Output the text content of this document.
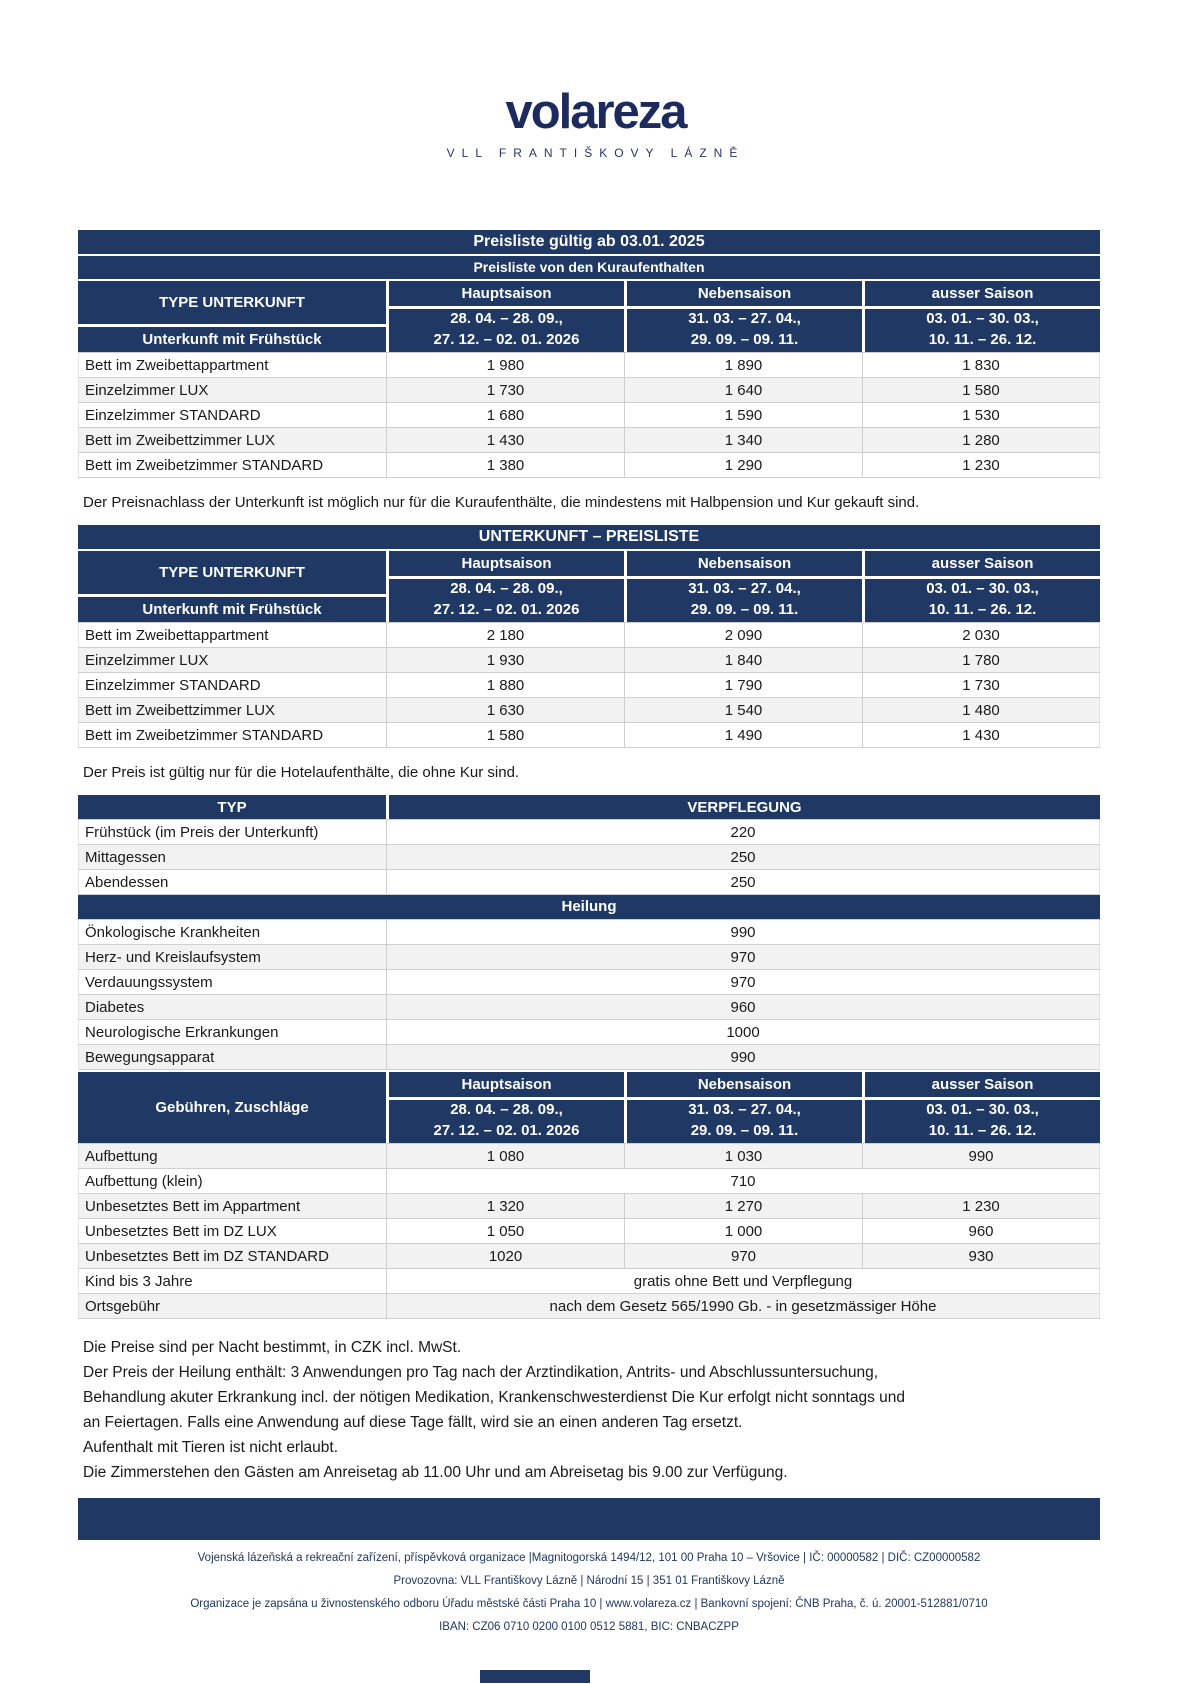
volareza
VLL FRANTIŠKOVY LÁZNĚ
Preisliste gültig ab 03.01. 2025
Preisliste von den Kuraufenthalten
TYPE UNTERKUNFT
Unterkunft mit Frühstück
Hauptsaison	Nebensaison	ausser Saison
28. 04. – 28. 09.,
27. 12. – 02. 01. 2026
31. 03. – 27. 04.,
29. 09. – 09. 11.
03. 01. – 30. 03.,
10. 11. – 26. 12.
Bett im Zweibettappartment	1 980	1 890	1 830
Einzelzimmer LUX	1 730	1 640	1 580
Einzelzimmer STANDARD	1 680	1 590	1 530
Bett im Zweibettzimmer LUX	1 430	1 340	1 280
Bett im Zweibetzimmer STANDARD	1 380	1 290	1 230

Der Preisnachlass der Unterkunft ist möglich nur für die Kuraufenthälte, die mindestens mit Halbpension und Kur gekauft sind.

UNTERKUNFT – PREISLISTE
TYPE UNTERKUNFT
Unterkunft mit Frühstück
Hauptsaison	Nebensaison	ausser Saison
28. 04. – 28. 09.,
27. 12. – 02. 01. 2026
31. 03. – 27. 04.,
29. 09. – 09. 11.
03. 01. – 30. 03.,
10. 11. – 26. 12.
Bett im Zweibettappartment	2 180	2 090	2 030
Einzelzimmer LUX	1 930	1 840	1 780
Einzelzimmer STANDARD	1 880	1 790	1 730
Bett im Zweibettzimmer LUX	1 630	1 540	1 480
Bett im Zweibetzimmer STANDARD	1 580	1 490	1 430

Der Preis ist gültig nur für die Hotelaufenthälte, die ohne Kur sind.

TYP	VERPFLEGUNG
Frühstück (im Preis der Unterkunft)	220
Mittagessen	250
Abendessen	250
Heilung
Önkologische Krankheiten	990
Herz- und Kreislaufsystem	970
Verdauungssystem	970
Diabetes	960
Neurologische Erkrankungen	1000
Bewegungsapparat	990
Gebühren, Zuschläge
Hauptsaison	Nebensaison	ausser Saison
28. 04. – 28. 09.,
27. 12. – 02. 01. 2026
31. 03. – 27. 04.,
29. 09. – 09. 11.
03. 01. – 30. 03.,
10. 11. – 26. 12.
Aufbettung	1 080	1 030	990
Aufbettung (klein)	710
Unbesetztes Bett im Appartment	1 320	1 270	1 230
Unbesetztes Bett im DZ LUX	1 050	1 000	960
Unbesetztes Bett im DZ STANDARD	1020	970	930
Kind bis 3 Jahre	gratis ohne Bett und Verpflegung
Ortsgebühr	nach dem Gesetz 565/1990 Gb. - in gesetzmässiger Höhe
Die Preise sind per Nacht bestimmt, in CZK incl. MwSt.
Der Preis der Heilung enthält: 3 Anwendungen pro Tag nach der Arztindikation, Antrits- und Abschlussuntersuchung,
Behandlung akuter Erkrankung incl. der nötigen Medikation, Krankenschwesterdienst Die Kur erfolgt nicht sonntags und
an Feiertagen. Falls eine Anwendung auf diese Tage fällt, wird sie an einen anderen Tag ersetzt.
Aufenthalt mit Tieren ist nicht erlaubt.
Die Zimmerstehen den Gästen am Anreisetag ab 11.00 Uhr und am Abreisetag bis 9.00 zur Verfügung.
Vojenská lázeňská a rekreační zařízení, příspěvková organizace |Magnitogorská 1494/12, 101 00 Praha 10 – Vršovice | IČ: 00000582 | DIČ: CZ00000582
Provozovna: VLL Františkovy Lázně | Národní 15 | 351 01 Františkovy Lázně
Organizace je zapsána u živnostenského odboru Úřadu městské části Praha 10 | www.volareza.cz | Bankovní spojení: ČNB Praha, č. ú. 20001-512881/0710
IBAN: CZ06 0710 0200 0100 0512 5881, BIC: CNBACZPP
